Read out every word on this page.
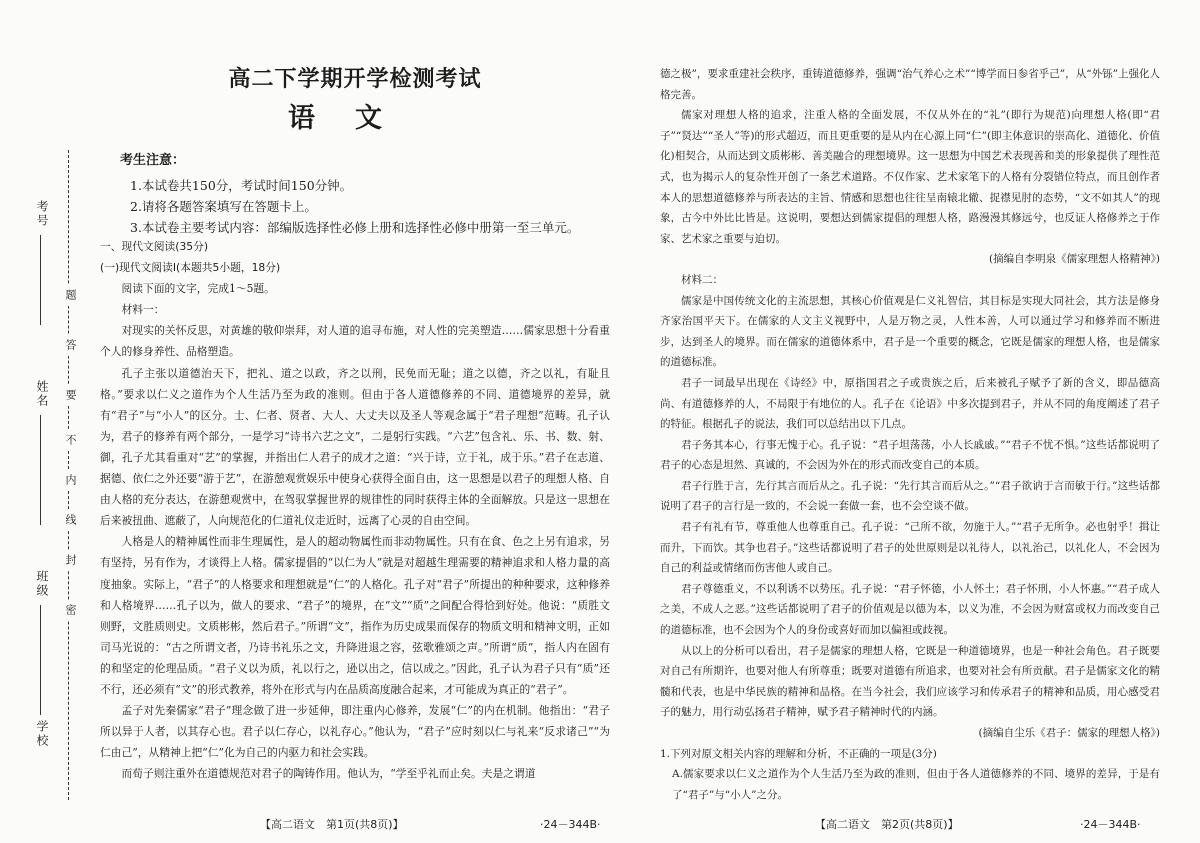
考号
姓名
班级
学校
题
答
要
不
内
线
封
密
高二下学期开学检测考试
语文
考生注意：

1.本试卷共150分，考试时间150分钟。

2.请将各题答案填写在答题卡上。

3.本试卷主要考试内容：部编版选择性必修上册和选择性必修中册第一至三单元。

一、现代文阅读(35分)

(一)现代文阅读Ⅰ(本题共5小题，18分)

阅读下面的文字，完成1～5题。

材料一：

对现实的关怀反思，对黄雄的敬仰崇拜，对人道的追寻布施，对人性的完美塑造……儒家思想十分看重个人的修身养性、品格塑造。

孔子主张以道德治天下，把礼、道之以政，齐之以刑，民免而无耻；道之以德，齐之以礼，有耻且格。”要求以仁义之道作为个人生活乃至为政的准则。但由于各人道德修养的不同、道德境界的差异，就有“君子”与“小人”的区分。士、仁者、贤者、大人、大丈夫以及圣人等观念属于“君子理想”范畴。孔子认为，君子的修养有两个部分，一是学习“诗书六艺之文”，二是躬行实践。“六艺”包含礼、乐、书、数、射、御，孔子尤其看重对“艺”的掌握，并指出仁人君子的成才之道：“兴于诗，立于礼，成于乐。”君子在志道、据德、依仁之外还要“游于艺”，在游憩观赏娱乐中使身心获得全面自由，这一思想是以君子的理想人格、自由人格的充分表达，在游憩观赏中，在驾驭掌握世界的规律性的同时获得主体的全面解放。只是这一思想在后来被扭曲、遮蔽了，人向规范化的仁道礼仪走近时，远离了心灵的自由空间。

人格是人的精神属性而非生理属性，是人的超动物属性而非动物属性。只有在食、色之上另有追求，另有坚持，另有作为，才谈得上人格。儒家提倡的“以仁为人”就是对超越生理需要的精神追求和人格力量的高度抽象。实际上，“君子”的人格要求和理想就是“仁”的人格化。孔子对“君子”所提出的种种要求，这种修养和人格境界……孔子以为，做人的要求、“君子”的境界，在“文”“质”之间配合得恰到好处。他说：“质胜文则野，文胜质则史。文质彬彬，然后君子。”所谓“文”，指作为历史成果而保存的物质文明和精神文明，正如司马光说的：“古之所谓文者，乃诗书礼乐之文，升降进退之容，弦歌雅颂之声。”所谓“质”，指人内在固有的和坚定的伦理品质。“君子义以为质，礼以行之，逊以出之，信以成之。”因此，孔子认为君子只有“质”还不行，还必须有“文”的形式教养，将外在形式与内在品质高度融合起来，才可能成为真正的“君子”。

孟子对先秦儒家“君子”理念做了进一步延伸，即注重内心修养，发展“仁”的内在机制。他指出：“君子所以异于人者，以其存心也。君子以仁存心，以礼存心。”他认为，“君子”应时刻以仁与礼来“反求诸己”“为仁由己”，从精神上把“仁”化为自己的内驱力和社会实践。

而荀子则注重外在道德规范对君子的陶铸作用。他认为，“学至乎礼而止矣。夫是之谓道

【高二语文　第1页(共8页)】	·24－344B·

德之极”，要求重建社会秩序，重铸道德修养，强调“治气养心之术”“博学而日参省乎己”，从“外铄”上强化人格完善。

儒家对理想人格的追求，注重人格的全面发展，不仅从外在的“礼”(即行为规范)向理想人格(即“君子”“贤达”“圣人”等)的形式超迈，而且更重要的是从内在心源上同“仁”(即主体意识的崇高化、道德化、价值化)相契合，从而达到文质彬彬、善美融合的理想境界。这一思想为中国艺术表现善和美的形象提供了理性范式，也为揭示人的复杂性开创了一条艺术道路。不仅作家、艺术家笔下的人格有分裂错位特点，而且创作者本人的思想道德修养与所表达的主旨、情感和思想也往往呈南辕北辙、捉襟见肘的态势，“文不如其人”的现象，古今中外比比皆是。这说明，要想达到儒家提倡的理想人格，路漫漫其修远兮，也反证人格修养之于作家、艺术家之重要与迫切。

(摘编自李明泉《儒家理想人格精神》)

材料二：

儒家是中国传统文化的主流思想，其核心价值观是仁义礼智信，其目标是实现大同社会，其方法是修身齐家治国平天下。在儒家的人文主义视野中，人是万物之灵，人性本善，人可以通过学习和修养而不断进步，达到圣人的境界。而在儒家的道德体系中，君子是一个重要的概念，它既是儒家的理想人格，也是儒家的道德标准。

君子一词最早出现在《诗经》中，原指国君之子或贵族之后，后来被孔子赋予了新的含义，即品德高尚、有道德修养的人，不局限于有地位的人。孔子在《论语》中多次提到君子，并从不同的角度阐述了君子的特征。根据孔子的说法，我们可以总结出以下几点。

君子务其本心，行事无愧于心。孔子说：“君子坦荡荡，小人长戚戚。”“君子不忧不惧。”这些话都说明了君子的心态是坦然、真诚的，不会因为外在的形式而改变自己的本质。

君子行胜于言，先行其言而后从之。孔子说：“先行其言而后从之。”“君子欲讷于言而敏于行。”这些话都说明了君子的言行是一致的，不会说一套做一套，也不会空谈不做。

君子有礼有节，尊重他人也尊重自己。孔子说：“己所不欲，勿施于人。”“君子无所争。必也射乎！揖让而升，下而饮。其争也君子。”这些话都说明了君子的处世原则是以礼待人，以礼治己，以礼化人，不会因为自己的利益或情绪而伤害他人或自己。

君子尊德重义，不以利诱不以势压。孔子说：“君子怀德，小人怀土；君子怀刑，小人怀惠。”“君子成人之美，不成人之恶。”这些话都说明了君子的价值观是以德为本，以义为准，不会因为财富或权力而改变自己的道德标准，也不会因为个人的身份或喜好而加以偏袒或歧视。

从以上的分析可以看出，君子是儒家的理想人格，它既是一种道德境界，也是一种社会角色。君子既要对自己有所期许，也要对他人有所尊重；既要对道德有所追求，也要对社会有所贡献。君子是儒家文化的精髓和代表，也是中华民族的精神和品格。在当今社会，我们应该学习和传承君子的精神和品质，用心感受君子的魅力，用行动弘扬君子精神，赋予君子精神时代的内涵。

(摘编自尘乐《君子：儒家的理想人格》)

1.下列对原文相关内容的理解和分析，不正确的一项是(3分)

A.儒家要求以仁义之道作为个人生活乃至为政的准则，但由于各人道德修养的不同、境界的差异，于是有了“君子”与“小人”之分。

【高二语文　第2页(共8页)】	·24－344B·
